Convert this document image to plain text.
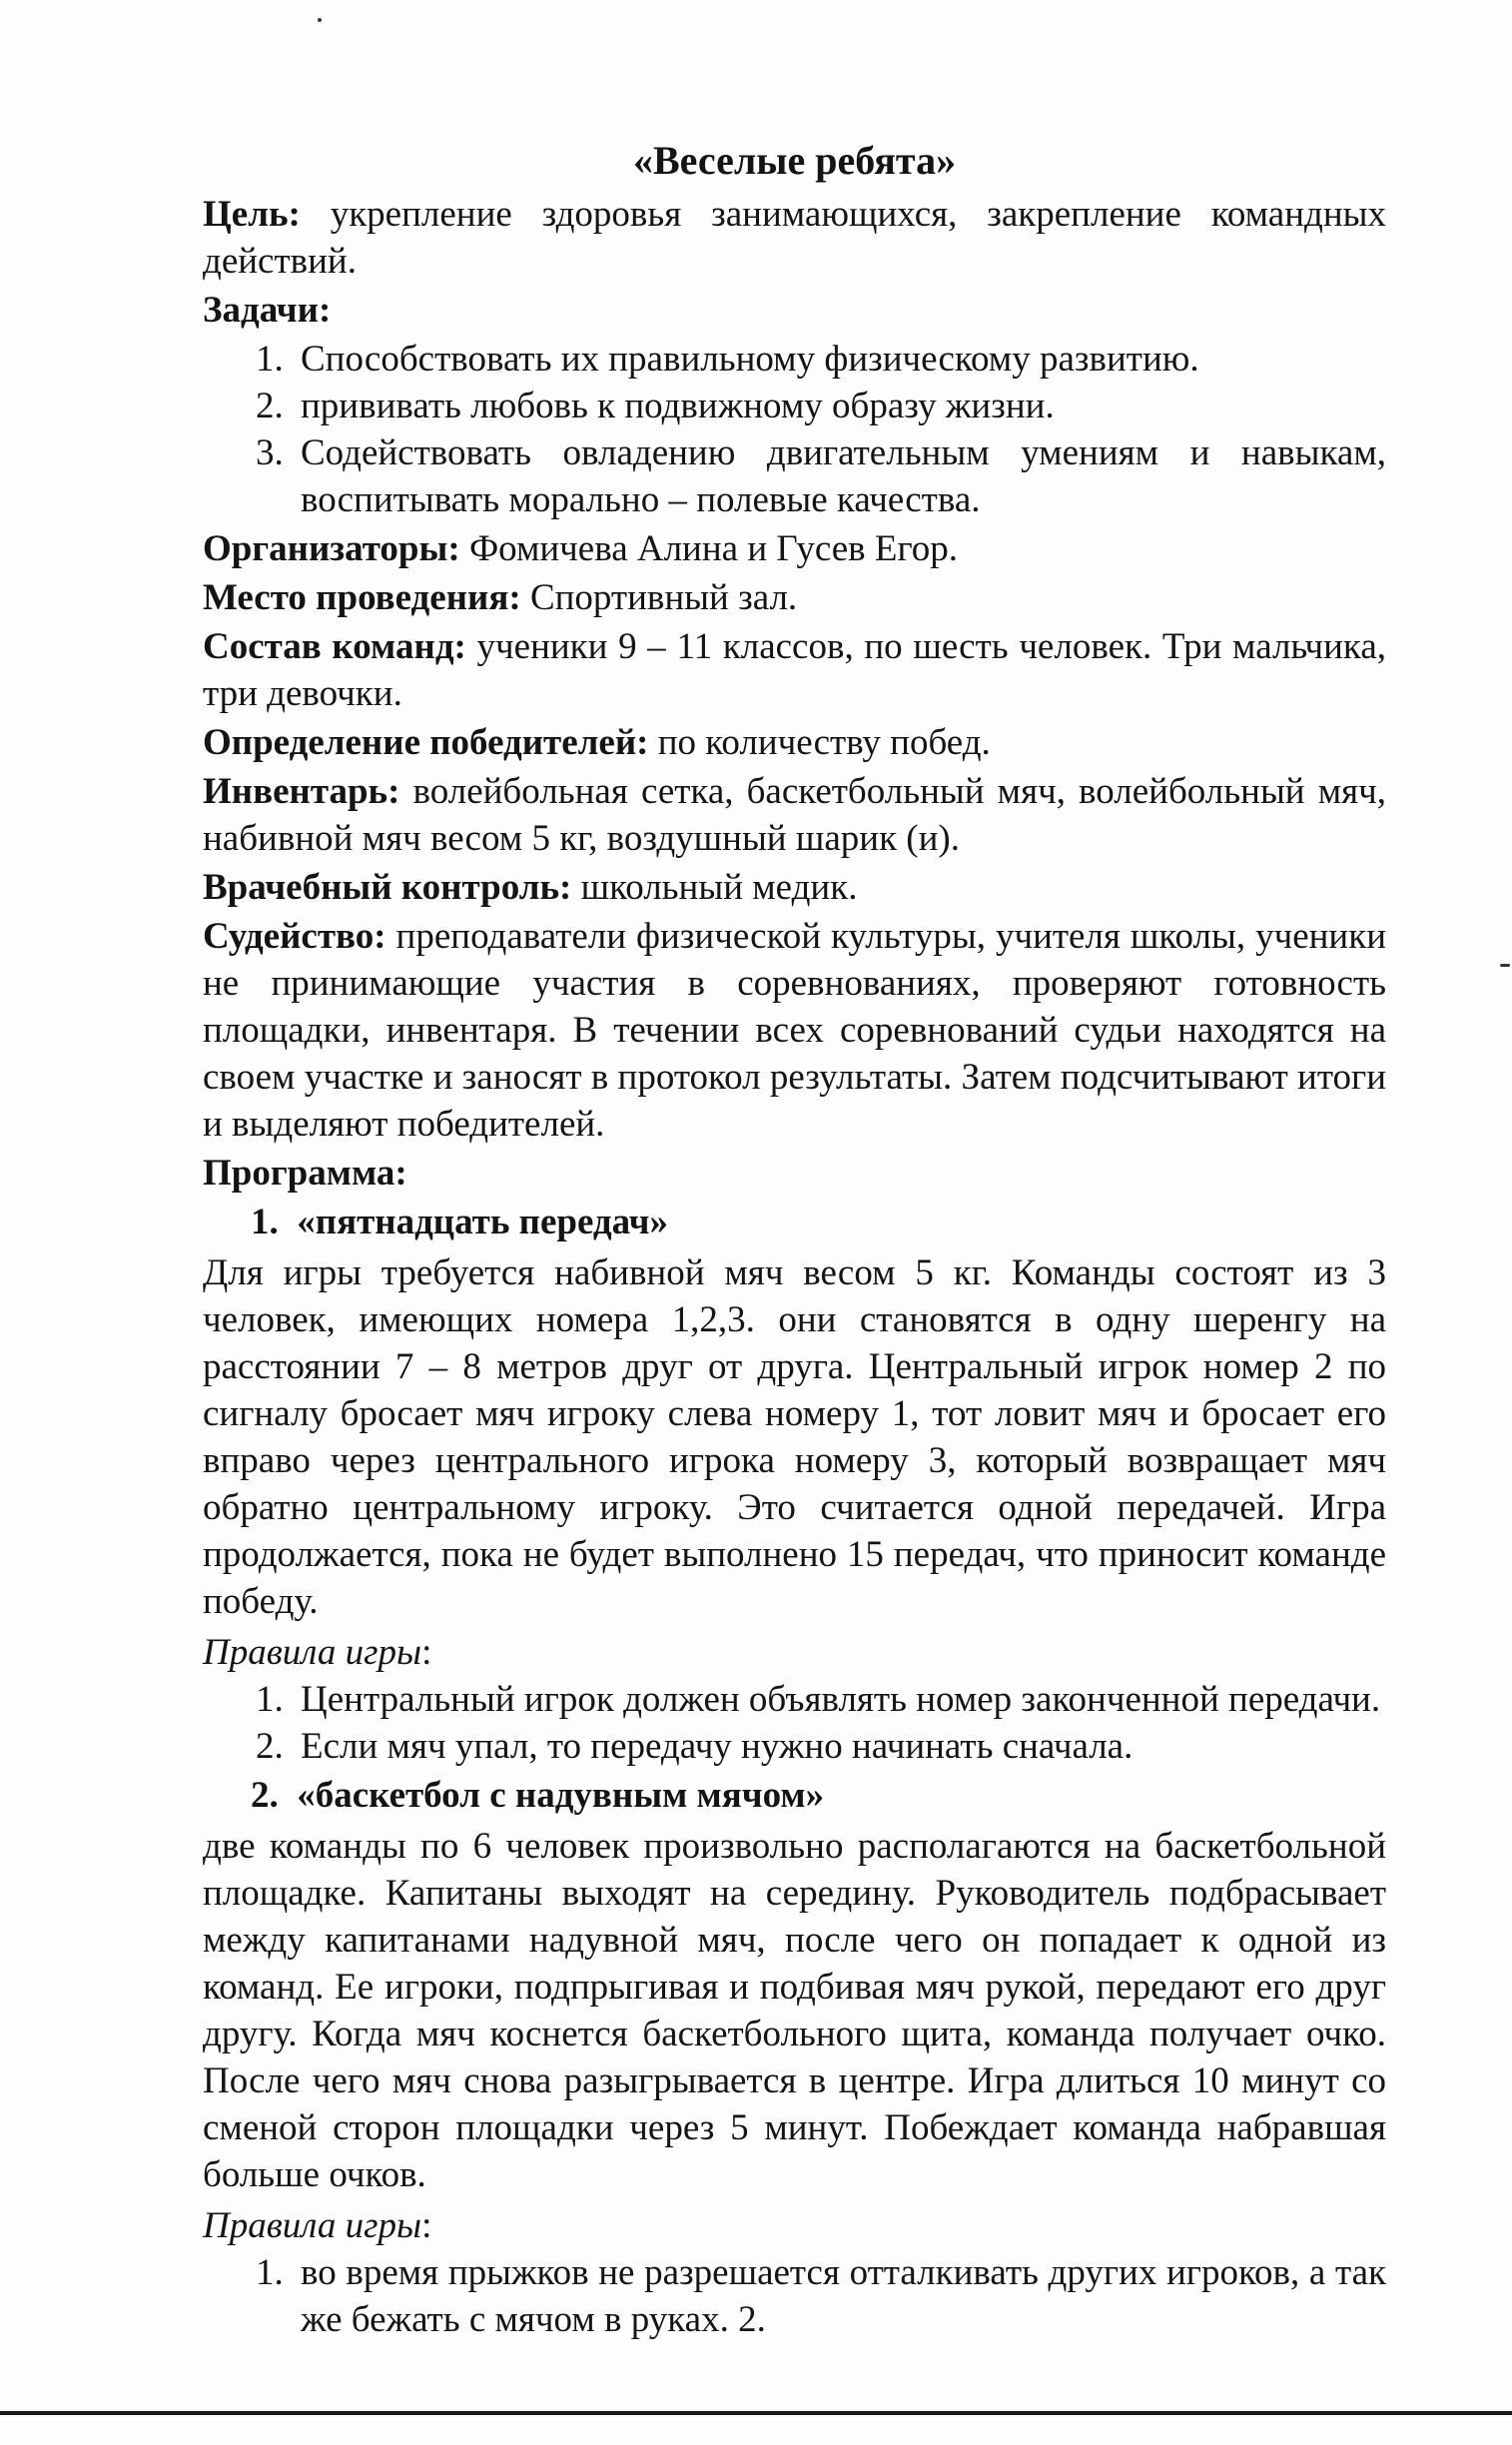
«Веселые ребята»

Цель: укрепление здоровья занимающихся, закрепление командных действий.

Задачи:

1. Способствовать их правильному физическому развитию.
2. прививать любовь к подвижному образу жизни.
3. Содействовать овладению двигательным умениям и навыкам, воспитывать морально – полевые качества.

Организаторы: Фомичева Алина и Гусев Егор.

Место проведения: Спортивный зал.

Состав команд: ученики 9 – 11 классов, по шесть человек. Три мальчика, три девочки.

Определение победителей: по количеству побед.

Инвентарь: волейбольная сетка, баскетбольный мяч, волейбольный мяч, набивной мяч весом 5 кг, воздушный шарик (и).

Врачебный контроль: школьный медик.

Судейство: преподаватели физической культуры, учителя школы, ученики не принимающие участия в соревнованиях, проверяют готовность площадки, инвентаря. В течении всех соревнований судьи находятся на своем участке и заносят в протокол результаты. Затем подсчитывают итоги и выделяют победителей.

Программа:

1. «пятнадцать передач»

Для игры требуется набивной мяч весом 5 кг. Команды состоят из 3 человек, имеющих номера 1,2,3. они становятся в одну шеренгу на расстоянии 7 – 8 метров друг от друга. Центральный игрок номер 2 по сигналу бросает мяч игроку слева номеру 1, тот ловит мяч и бросает его вправо через центрального игрока номеру 3, который возвращает мяч обратно центральному игроку. Это считается одной передачей. Игра продолжается, пока не будет выполнено 15 передач, что приносит команде победу.

Правила игры:

1. Центральный игрок должен объявлять номер законченной передачи.
2. Если мяч упал, то передачу нужно начинать сначала.
2. «баскетбол с надувным мячом»

две команды по 6 человек произвольно располагаются на баскетбольной площадке. Капитаны выходят на середину. Руководитель подбрасывает между капитанами надувной мяч, после чего он попадает к одной из команд. Ее игроки, подпрыгивая и подбивая мяч рукой, передают его друг другу. Когда мяч коснется баскетбольного щита, команда получает очко. После чего мяч снова разыгрывается в центре. Игра длиться 10 минут со сменой сторон площадки через 5 минут. Побеждает команда набравшая больше очков.

Правила игры:

1. во время прыжков не разрешается отталкивать других игроков, а так же бежать с мячом в руках. 2.
